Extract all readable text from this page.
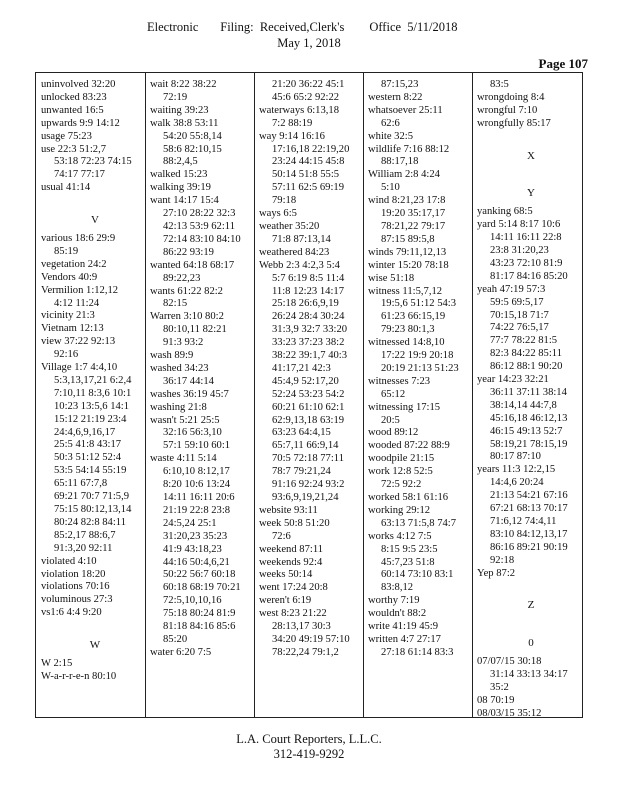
Electronic       Filing:  Received,Clerk's        Office  5/11/2018
May 1, 2018
Page 107
uninvolved 32:20
unlocked 83:23
unwanted 16:5
upwards 9:9 14:12
usage 75:23
use 22:3 51:2,7
53:18 72:23 74:15
74:17 77:17
usual 41:14

V
various 18:6 29:9
85:19
vegetation 24:2
Vendors 40:9
Vermilion 1:12,12
4:12 11:24
vicinity 21:3
Vietnam 12:13
view 37:22 92:13
92:16
Village 1:7 4:4,10
5:3,13,17,21 6:2,4
7:10,11 8:3,6 10:1
10:23 13:5,6 14:1
15:12 21:19 23:4
24:4,6,9,16,17
25:5 41:8 43:17
50:3 51:12 52:4
53:5 54:14 55:19
65:11 67:7,8
69:21 70:7 71:5,9
75:15 80:12,13,14
80:24 82:8 84:11
85:2,17 88:6,7
91:3,20 92:11
violated 4:10
violation 18:20
violations 70:16
voluminous 27:3
vs1:6 4:4 9:20

W
W 2:15
W-a-r-r-e-n 80:10
wait 8:22 38:22
72:19
waiting 39:23
walk 38:8 53:11
54:20 55:8,14
58:6 82:10,15
88:2,4,5
walked 15:23
walking 39:19
want 14:17 15:4
27:10 28:22 32:3
42:13 53:9 62:11
72:14 83:10 84:10
86:22 93:19
wanted 64:18 68:17
89:22,23
wants 61:22 82:2
82:15
Warren 3:10 80:2
80:10,11 82:21
91:3 93:2
wash 89:9
washed 34:23
36:17 44:14
washes 36:19 45:7
washing 21:8
wasn't 5:21 25:5
32:16 56:3,10
57:1 59:10 60:1
waste 4:11 5:14
6:10,10 8:12,17
8:20 10:6 13:24
14:11 16:11 20:6
21:19 22:8 23:8
24:5,24 25:1
31:20,23 35:23
41:9 43:18,23
44:16 50:4,6,21
50:22 56:7 60:18
60:18 68:19 70:21
72:5,10,10,16
75:18 80:24 81:9
81:18 84:16 85:6
85:20
water 6:20 7:5
21:20 36:22 45:1
45:6 65:2 92:22
waterways 6:13,18
7:2 88:19
way 9:14 16:16
17:16,18 22:19,20
23:24 44:15 45:8
50:14 51:8 55:5
57:11 62:5 69:19
79:18
ways 6:5
weather 35:20
71:8 87:13,14
weathered 84:23
Webb 2:3 4:2,3 5:4
5:7 6:19 8:5 11:4
11:8 12:23 14:17
25:18 26:6,9,19
26:24 28:4 30:24
31:3,9 32:7 33:20
33:23 37:23 38:2
38:22 39:1,7 40:3
41:17,21 42:3
45:4,9 52:17,20
52:24 53:23 54:2
60:21 61:10 62:1
62:9,13,18 63:19
63:23 64:4,15
65:7,11 66:9,14
70:5 72:18 77:11
78:7 79:21,24
91:16 92:24 93:2
93:6,9,19,21,24
website 93:11
week 50:8 51:20
72:6
weekend 87:11
weekends 92:4
weeks 50:14
went 17:24 20:8
weren't 6:19
west 8:23 21:22
28:13,17 30:3
34:20 49:19 57:10
78:22,24 79:1,2
87:15,23
western 8:22
whatsoever 25:11
62:6
white 32:5
wildlife 7:16 88:12
88:17,18
William 2:8 4:24
5:10
wind 8:21,23 17:8
19:20 35:17,17
78:21,22 79:17
87:15 89:5,8
winds 79:11,12,13
winter 15:20 78:18
wise 51:18
witness 11:5,7,12
19:5,6 51:12 54:3
61:23 66:15,19
79:23 80:1,3
witnessed 14:8,10
17:22 19:9 20:18
20:19 21:13 51:23
witnesses 7:23
65:12
witnessing 17:15
20:5
wood 89:12
wooded 87:22 88:9
woodpile 21:15
work 12:8 52:5
72:5 92:2
worked 58:1 61:16
working 29:12
63:13 71:5,8 74:7
works 4:12 7:5
8:15 9:5 23:5
45:7,23 51:8
60:14 73:10 83:1
83:8,12
worthy 7:19
wouldn't 88:2
write 41:19 45:9
written 4:7 27:17
27:18 61:14 83:3
83:5
wrongdoing 8:4
wrongful 7:10
wrongfully 85:17

X

Y
yanking 68:5
yard 5:14 8:17 10:6
14:11 16:11 22:8
23:8 31:20,23
43:23 72:10 81:9
81:17 84:16 85:20
yeah 47:19 57:3
59:5 69:5,17
70:15,18 71:7
74:22 76:5,17
77:7 78:22 81:5
82:3 84:22 85:11
86:12 88:1 90:20
year 14:23 32:21
36:11 37:11 38:14
38:14,14 44:7,8
45:16,18 46:12,13
46:15 49:13 52:7
58:19,21 78:15,19
80:17 87:10
years 11:3 12:2,15
14:4,6 20:24
21:13 54:21 67:16
67:21 68:13 70:17
71:6,12 74:4,11
83:10 84:12,13,17
86:16 89:21 90:19
92:18
Yep 87:2

Z

0
07/07/15 30:18
31:14 33:13 34:17
35:2
08 70:19
08/03/15 35:12
L.A. Court Reporters, L.L.C.
312-419-9292
